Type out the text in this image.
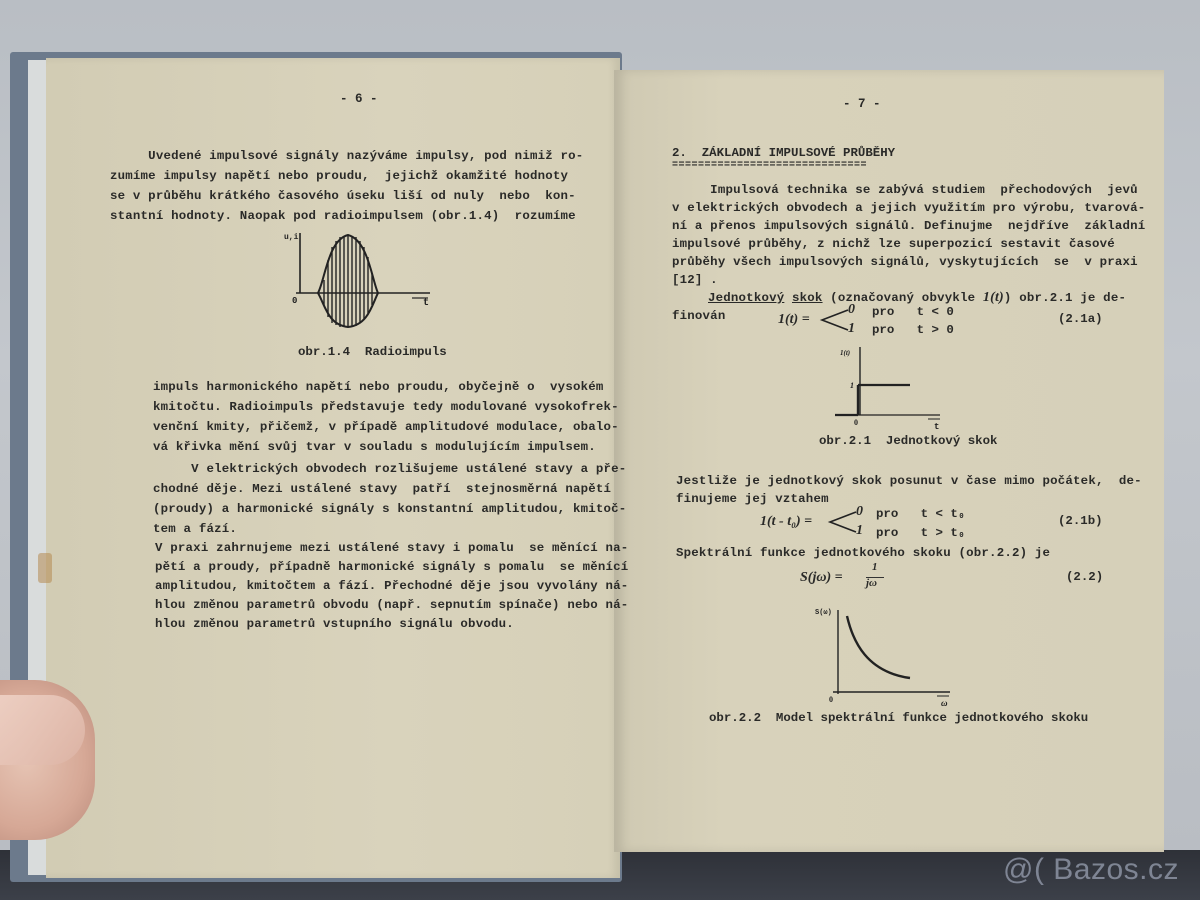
- 6 -
Uvedené impulsové signály nazýváme impulsy, pod nimiž ro-
zumíme impulsy napětí nebo proudu,  jejichž okamžité hodnoty
se v průběhu krátkého časového úseku liší od nuly  nebo  kon-
stantní hodnoty. Naopak pod radioimpulsem (obr.1.4)  rozumíme
u,i
0	t
obr.1.4  Radioimpuls
impuls harmonického napětí nebo proudu, obyčejně o  vysokém
kmitočtu. Radioimpuls představuje tedy modulované vysokofrek-
venční kmity, přičemž, v případě amplitudové modulace, obalo-
vá křivka mění svůj tvar v souladu s modulujícím impulsem.
V elektrických obvodech rozlišujeme ustálené stavy a pře-
chodné děje. Mezi ustálené stavy  patří  stejnosměrná napětí
(proudy) a harmonické signály s konstantní amplitudou, kmitoč-
tem a fází.
V praxi zahrnujeme mezi ustálené stavy i pomalu  se měnící na-
pětí a proudy, případně harmonické signály s pomalu  se měnící
amplitudou, kmitočtem a fází. Přechodné děje jsou vyvolány ná-
hlou změnou parametrů obvodu (např. sepnutím spínače) nebo ná-
hlou změnou parametrů vstupního signálu obvodu.
- 7 -
2.  ZÁKLADNÍ IMPULSOVÉ PRŮBĚHY
==============================
Impulsová technika se zabývá studiem  přechodových  jevů
v elektrických obvodech a jejich využitím pro výrobu, tvarová-
ní a přenos impulsových signálů. Definujme  nejdříve  základní
impulsové průběhy, z nichž lze superpozicí sestavit časové
průběhy všech impulsových signálů, vyskytujících  se  v praxi
[12] .
Jednotkový skok (označovaný obvykle 1(t)) obr.2.1 je de-
finován	1(t) =
0 pro   t < 0
1 pro   t > 0
(2.1a)
1(t)
1
0	t
obr.2.1  Jednotkový skok
Jestliže je jednotkový skok posunut v čase mimo počátek,  de-
finujeme jej vztahem
1(t - t₀) =
0 pro   t < t₀
1 pro   t > t₀
(2.1b)
Spektrální funkce jednotkového skoku (obr.2.2) je
S(jω) =
1
jω	(2.2)
S(ω)
0	ω
obr.2.2  Model spektrální funkce jednotkového skoku
@( Bazos.cz
